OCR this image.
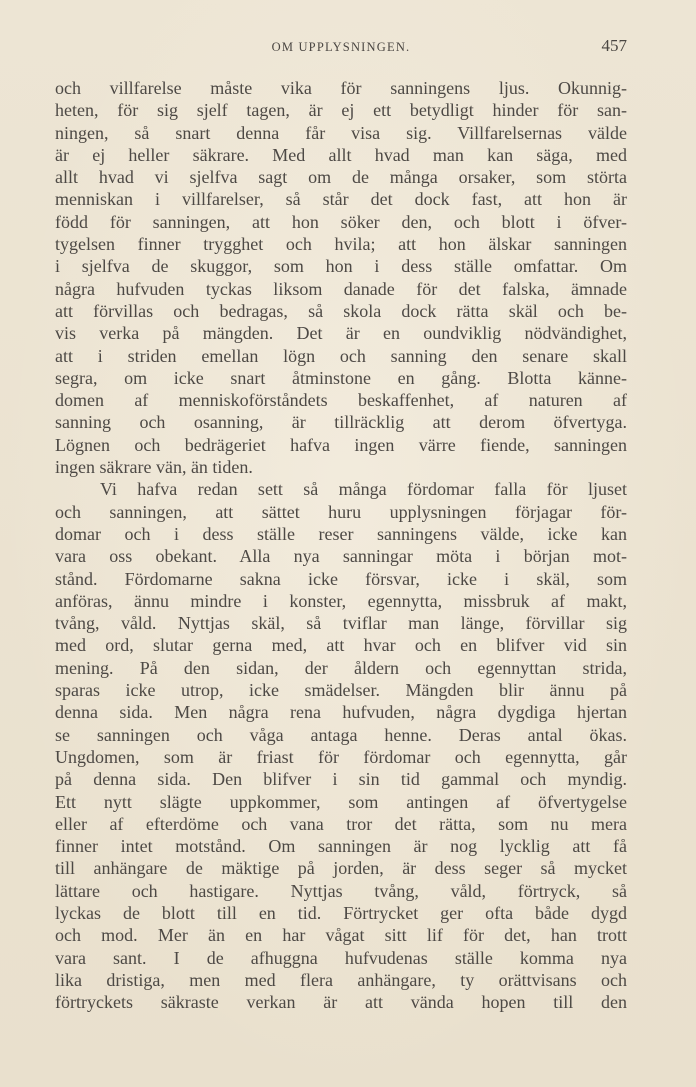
OM UPPLYSNINGEN.	457
och villfarelse måste vika för sanningens ljus. Okunnig-
heten, för sig sjelf tagen, är ej ett betydligt hinder för san-
ningen, så snart denna får visa sig. Villfarelsernas välde
är ej heller säkrare. Med allt hvad man kan säga, med
allt hvad vi sjelfva sagt om de många orsaker, som störta
menniskan i villfarelser, så står det dock fast, att hon är
född för sanningen, att hon söker den, och blott i öfver-
tygelsen finner trygghet och hvila; att hon älskar sanningen
i sjelfva de skuggor, som hon i dess ställe omfattar. Om
några hufvuden tyckas liksom danade för det falska, ämnade
att förvillas och bedragas, så skola dock rätta skäl och be-
vis verka på mängden. Det är en oundviklig nödvändighet,
att i striden emellan lögn och sanning den senare skall
segra, om icke snart åtminstone en gång. Blotta känne-
domen af menniskoförståndets beskaffenhet, af naturen af
sanning och osanning, är tillräcklig att derom öfvertyga.
Lögnen och bedrägeriet hafva ingen värre fiende, sanningen
ingen säkrare vän, än tiden.
Vi hafva redan sett så många fördomar falla för ljuset
och sanningen, att sättet huru upplysningen förjagar för-
domar och i dess ställe reser sanningens välde, icke kan
vara oss obekant. Alla nya sanningar möta i början mot-
stånd. Fördomarne sakna icke försvar, icke i skäl, som
anföras, ännu mindre i konster, egennytta, missbruk af makt,
tvång, våld. Nyttjas skäl, så tviflar man länge, förvillar sig
med ord, slutar gerna med, att hvar och en blifver vid sin
mening. På den sidan, der åldern och egennyttan strida,
sparas icke utrop, icke smädelser. Mängden blir ännu på
denna sida. Men några rena hufvuden, några dygdiga hjertan
se sanningen och våga antaga henne. Deras antal ökas.
Ungdomen, som är friast för fördomar och egennytta, går
på denna sida. Den blifver i sin tid gammal och myndig.
Ett nytt slägte uppkommer, som antingen af öfvertygelse
eller af efterdöme och vana tror det rätta, som nu mera
finner intet motstånd. Om sanningen är nog lycklig att få
till anhängare de mäktige på jorden, är dess seger så mycket
lättare och hastigare. Nyttjas tvång, våld, förtryck, så
lyckas de blott till en tid. Förtrycket ger ofta både dygd
och mod. Mer än en har vågat sitt lif för det, han trott
vara sant. I de afhuggna hufvudenas ställe komma nya
lika dristiga, men med flera anhängare, ty orättvisans och
förtryckets säkraste verkan är att vända hopen till den
